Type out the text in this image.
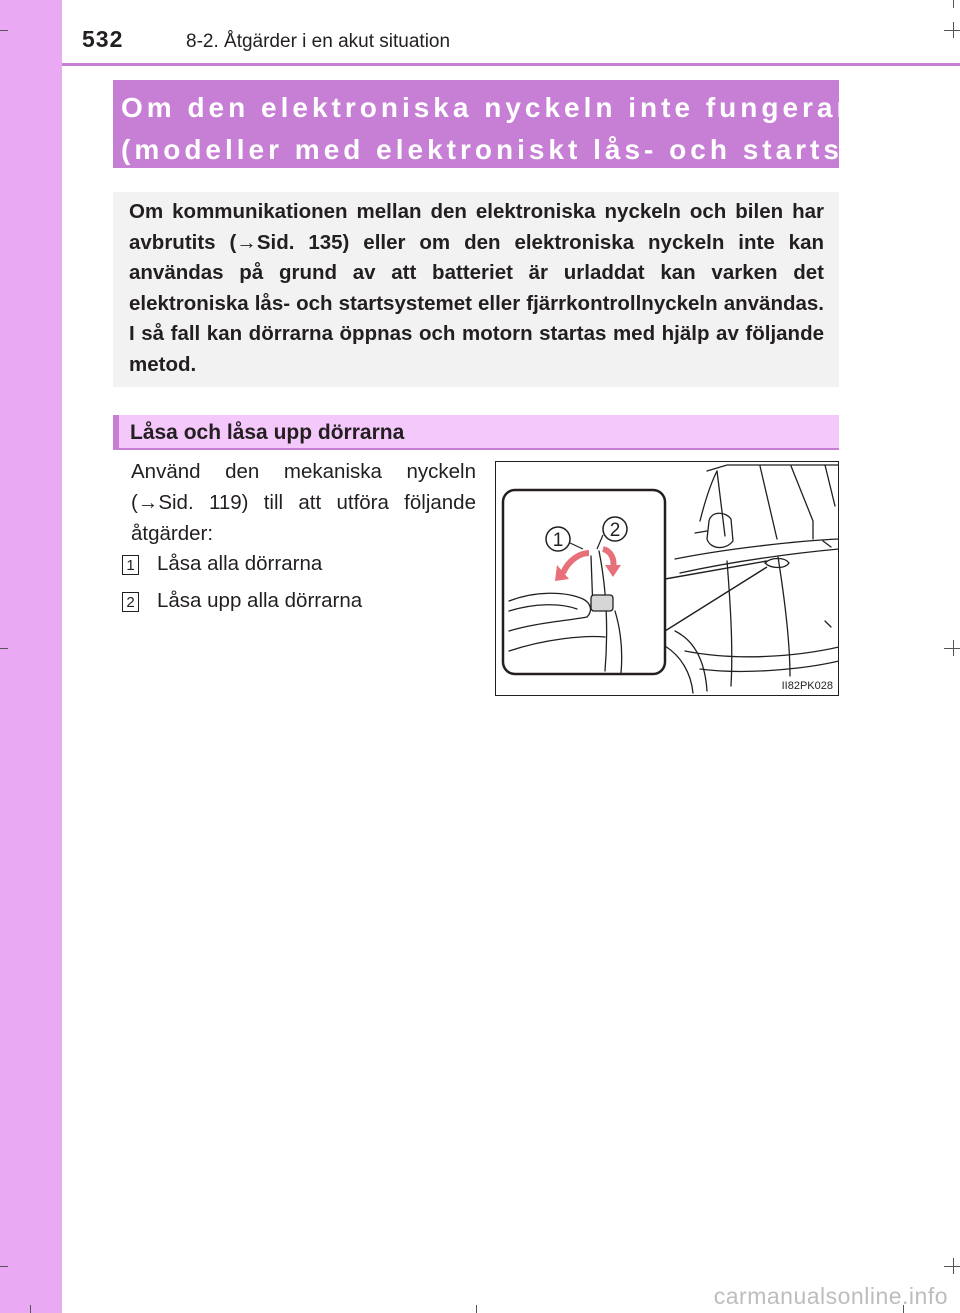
532	8-2. Åtgärder i en akut situation
Om den elektroniska nyckeln inte fungerar
(modeller med elektroniskt lås- och startsystem)

Om kommunikationen mellan den elektroniska nyckeln och bilen har avbrutits (→Sid. 135) eller om den elektroniska nyckeln inte kan användas på grund av att batteriet är urladdat kan varken det elektroniska lås- och startsystemet eller fjärrkontrollnyckeln användas. I så fall kan dörrarna öppnas och motorn startas med hjälp av följande metod.

Låsa och låsa upp dörrarna

Använd den mekaniska nyckeln (→Sid. 119) till att utföra följande åtgärder:

1 Låsa alla dörrarna
2 Låsa upp alla dörrarna
1 2
II82PK028
carmanualsonline.info
